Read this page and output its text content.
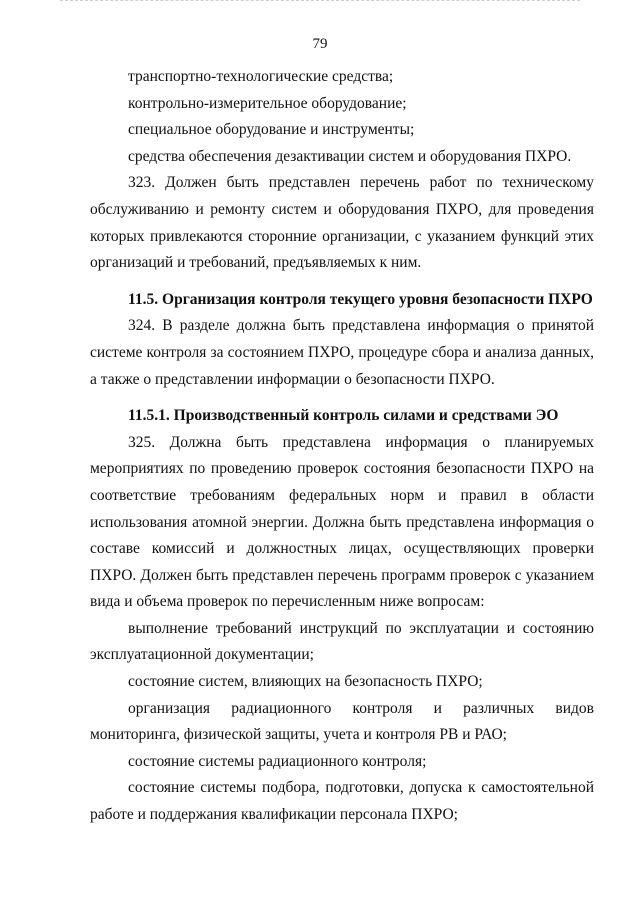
79

транспортно-технологические средства;

контрольно-измерительное оборудование;

специальное оборудование и инструменты;

средства обеспечения дезактивации систем и оборудования ПХРО.

323. Должен быть представлен перечень работ по техническому обслуживанию и ремонту систем и оборудования ПХРО, для проведения которых привлекаются сторонние организации, с указанием функций этих организаций и требований, предъявляемых к ним.

11.5. Организация контроля текущего уровня безопасности ПХРО

324. В разделе должна быть представлена информация о принятой системе контроля за состоянием ПХРО, процедуре сбора и анализа данных, а также о представлении информации о безопасности ПХРО.

11.5.1. Производственный контроль силами и средствами ЭО

325. Должна быть представлена информация о планируемых мероприятиях по проведению проверок состояния безопасности ПХРО на соответствие требованиям федеральных норм и правил в области использования атомной энергии. Должна быть представлена информация о составе комиссий и должностных лицах, осуществляющих проверки ПХРО. Должен быть представлен перечень программ проверок с указанием вида и объема проверок по перечисленным ниже вопросам:

выполнение требований инструкций по эксплуатации и состоянию эксплуатационной документации;

состояние систем, влияющих на безопасность ПХРО;

организация радиационного контроля и различных видов мониторинга, физической защиты, учета и контроля РВ и РАО;

состояние системы радиационного контроля;

состояние системы подбора, подготовки, допуска к самостоятельной работе и поддержания квалификации персонала ПХРО;
